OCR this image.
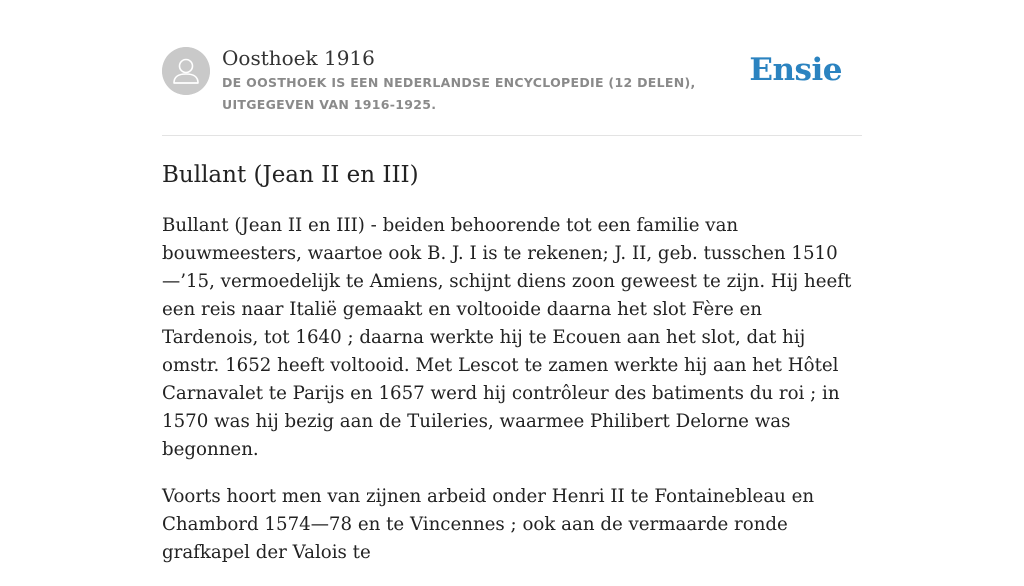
Oosthoek 1916

DE OOSTHOEK IS EEN NEDERLANDSE ENCYCLOPEDIE (12 DELEN), UITGEGEVEN VAN 1916-1925.

Ensie
Bullant (Jean II en III)

Bullant (Jean II en III) - beiden behoorende tot een familie van bouwmeesters, waartoe ook B. J. I is te rekenen; J. II, geb. tusschen 1510—’15, vermoedelijk te Amiens, schijnt diens zoon geweest te zijn. Hij heeft een reis naar Italië gemaakt en voltooide daarna het slot Fère en Tardenois, tot 1640 ; daarna werkte hij te Ecouen aan het slot, dat hij omstr. 1652 heeft voltooid. Met Lescot te zamen werkte hij aan het Hôtel Carnavalet te Parijs en 1657 werd hij contrôleur des batiments du roi ; in 1570 was hij bezig aan de Tuileries, waarmee Philibert Delorne was begonnen.

Voorts hoort men van zijnen arbeid onder Henri II te Fontainebleau en Chambord 1574—78 en te Vincennes ; ook aan de vermaarde ronde grafkapel der Valois te
